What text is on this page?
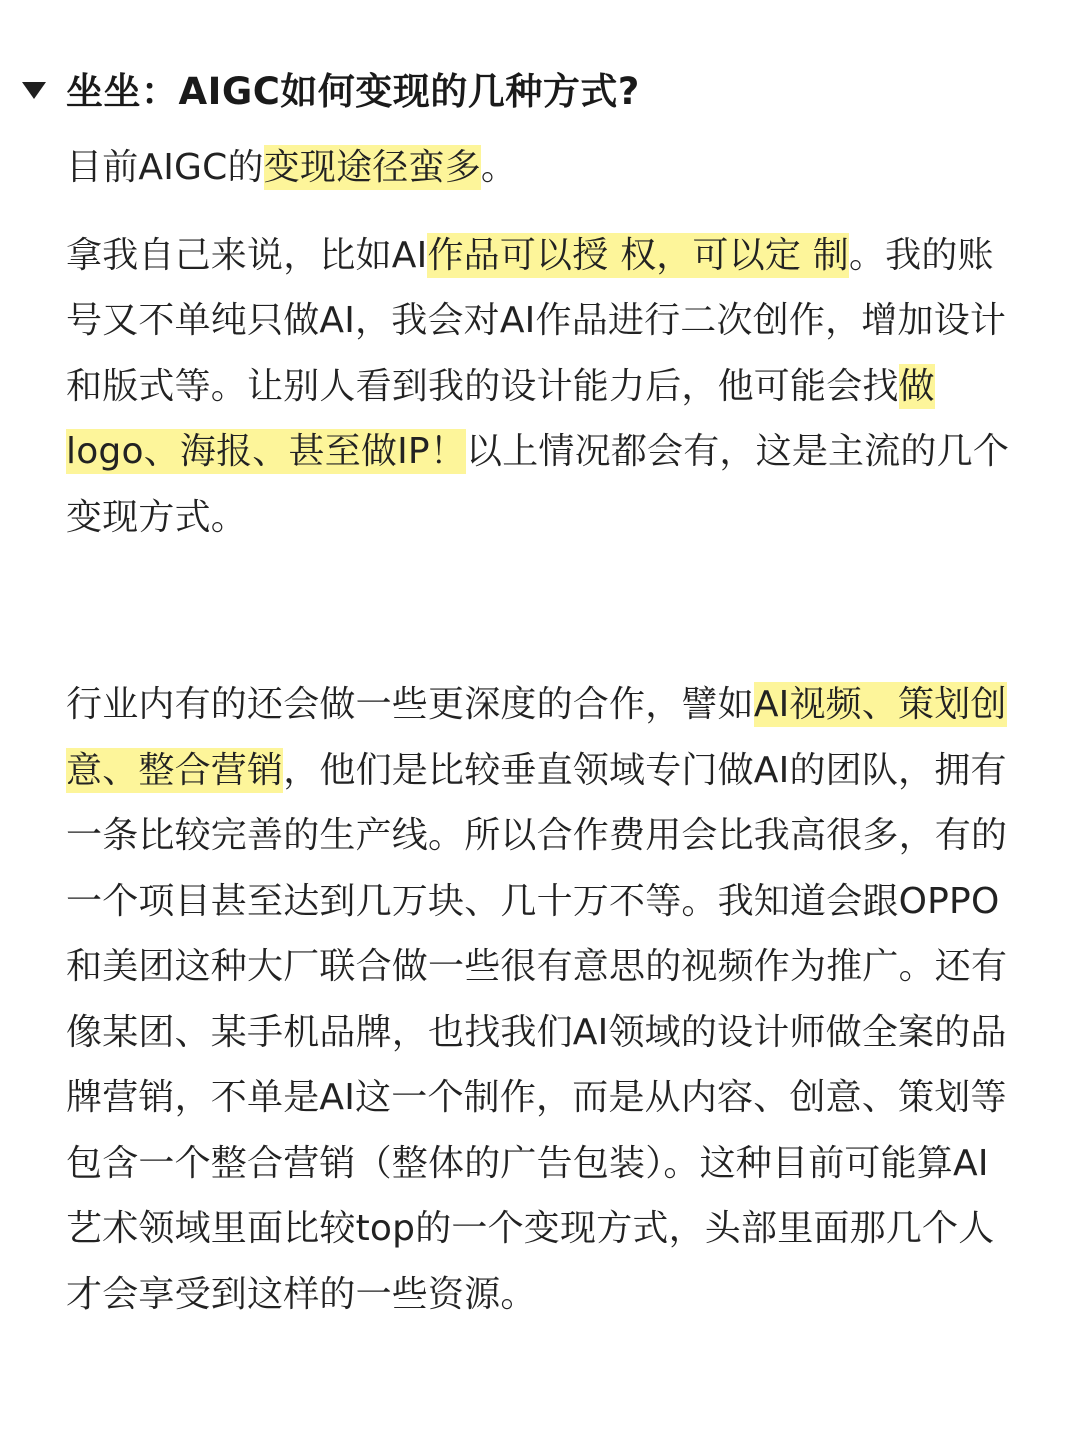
坐坐：AIGC如何变现的几种方式?

目前AIGC的变现途径蛮多。

拿我自己来说，比如AI作品可以授 权，可以定 制。我的账 号又不单纯只做AI，我会对AI作品进行二次创作，增加设计和版式等。让别人看到我的设计能力后，他可能会找做logo、海报、甚至做IP！以上情况都会有，这是主流的几个变现方式。

行业内有的还会做一些更深度的合作，譬如AI视频、策划创意、整合营销，他们是比较垂直领域专门做AI的团队，拥有一条比较完善的生产线。所以合作费用会比我高很多，有的一个项目甚至达到几万块、几十万不等。我知道会跟OPPO和美团这种大厂联合做一些很有意思的视频作为推广。还有像某团、某手机品牌，也找我们AI领域的设计师做全案的品牌营销，不单是AI这一个制作，而是从内容、创意、策划等包含一个整合营销（整体的广告包装）。这种目前可能算AI艺术领域里面比较top的一个变现方式，头部里面那几个人才会享受到这样的一些资源。
